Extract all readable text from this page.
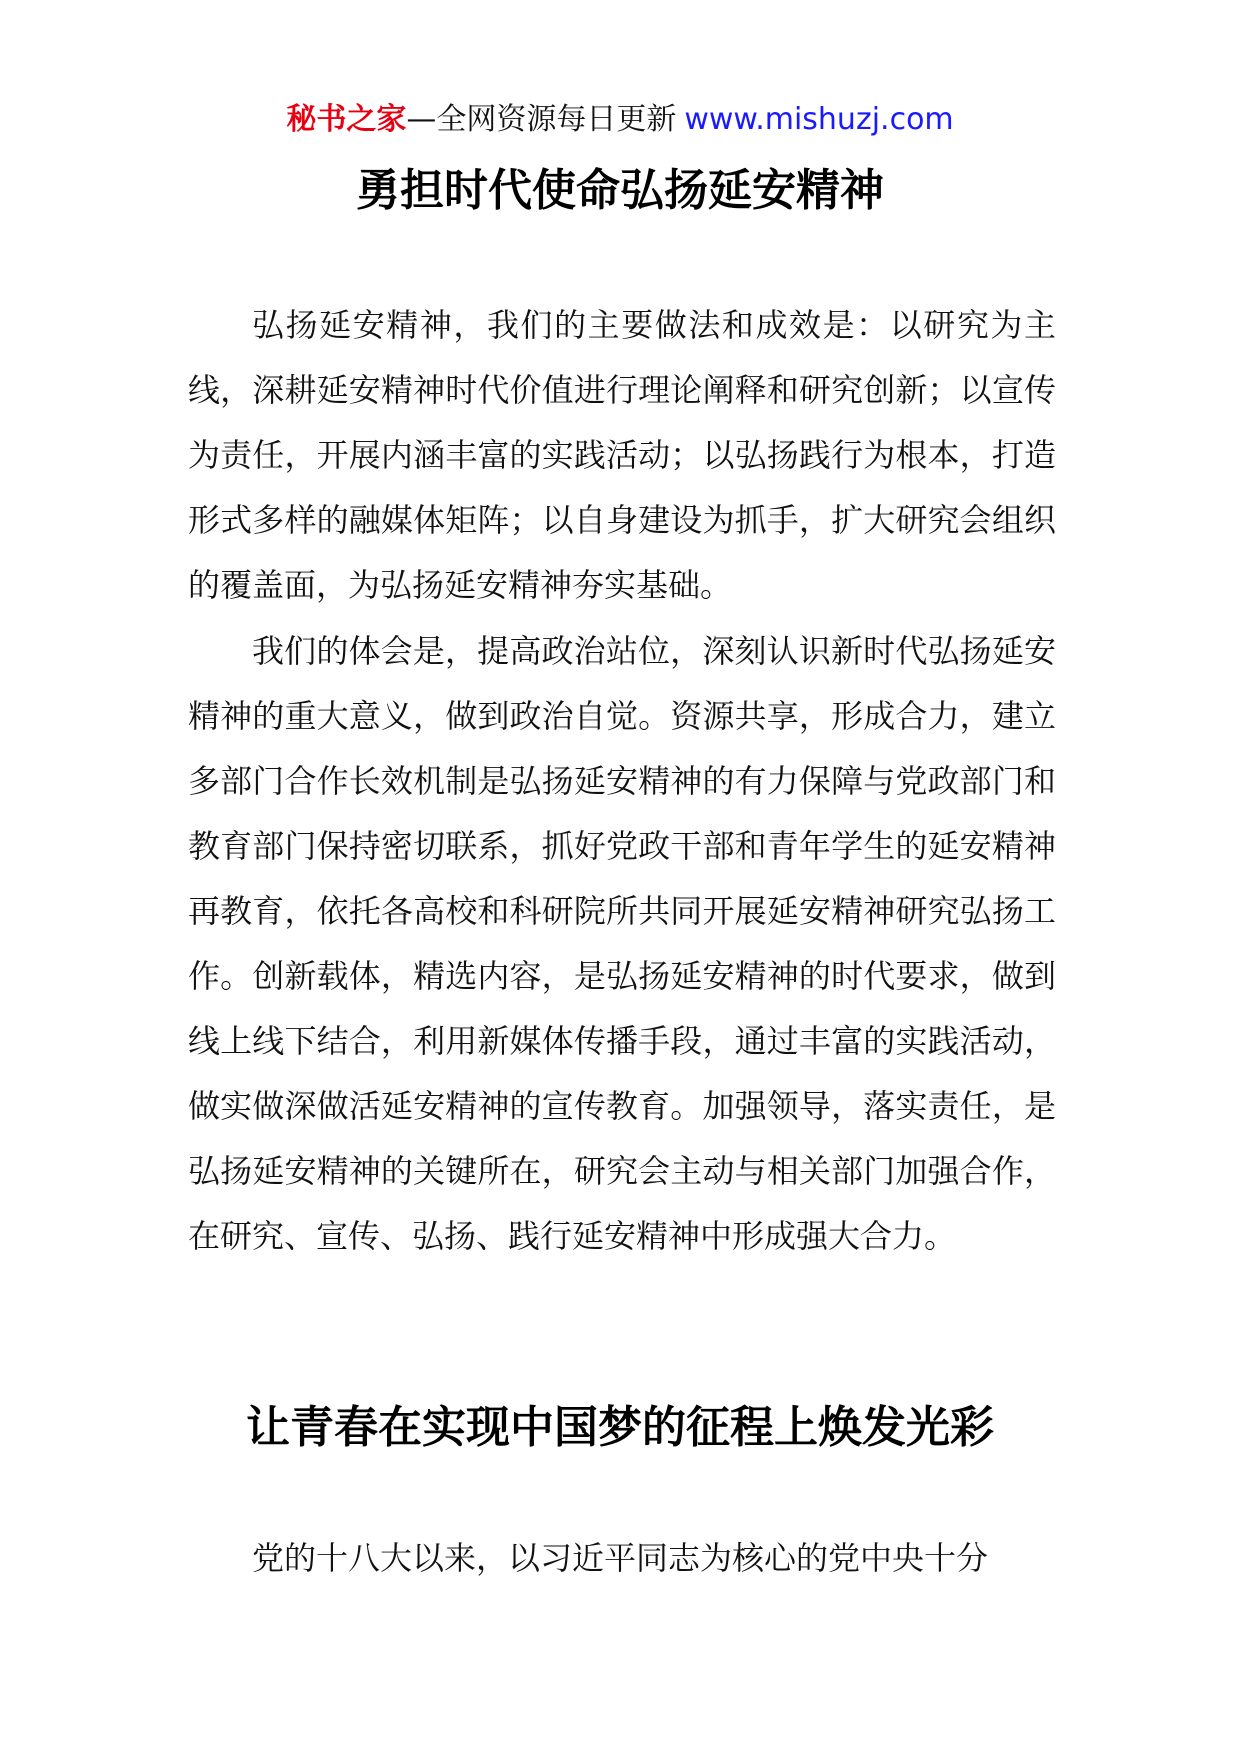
秘书之家—全网资源每日更新 www.mishuzj.com
勇担时代使命弘扬延安精神

弘扬延安精神，我们的主要做法和成效是：以研究为主线，深耕延安精神时代价值进行理论阐释和研究创新；以宣传为责任，开展内涵丰富的实践活动；以弘扬践行为根本，打造形式多样的融媒体矩阵；以自身建设为抓手，扩大研究会组织的覆盖面，为弘扬延安精神夯实基础。

我们的体会是，提高政治站位，深刻认识新时代弘扬延安精神的重大意义，做到政治自觉。资源共享，形成合力，建立多部门合作长效机制是弘扬延安精神的有力保障与党政部门和教育部门保持密切联系，抓好党政干部和青年学生的延安精神再教育，依托各高校和科研院所共同开展延安精神研究弘扬工作。创新载体，精选内容，是弘扬延安精神的时代要求，做到线上线下结合，利用新媒体传播手段，通过丰富的实践活动，做实做深做活延安精神的宣传教育。加强领导，落实责任，是弘扬延安精神的关键所在，研究会主动与相关部门加强合作，在研究、宣传、弘扬、践行延安精神中形成强大合力。

让青春在实现中国梦的征程上焕发光彩

党的十八大以来，以习近平同志为核心的党中央十分
